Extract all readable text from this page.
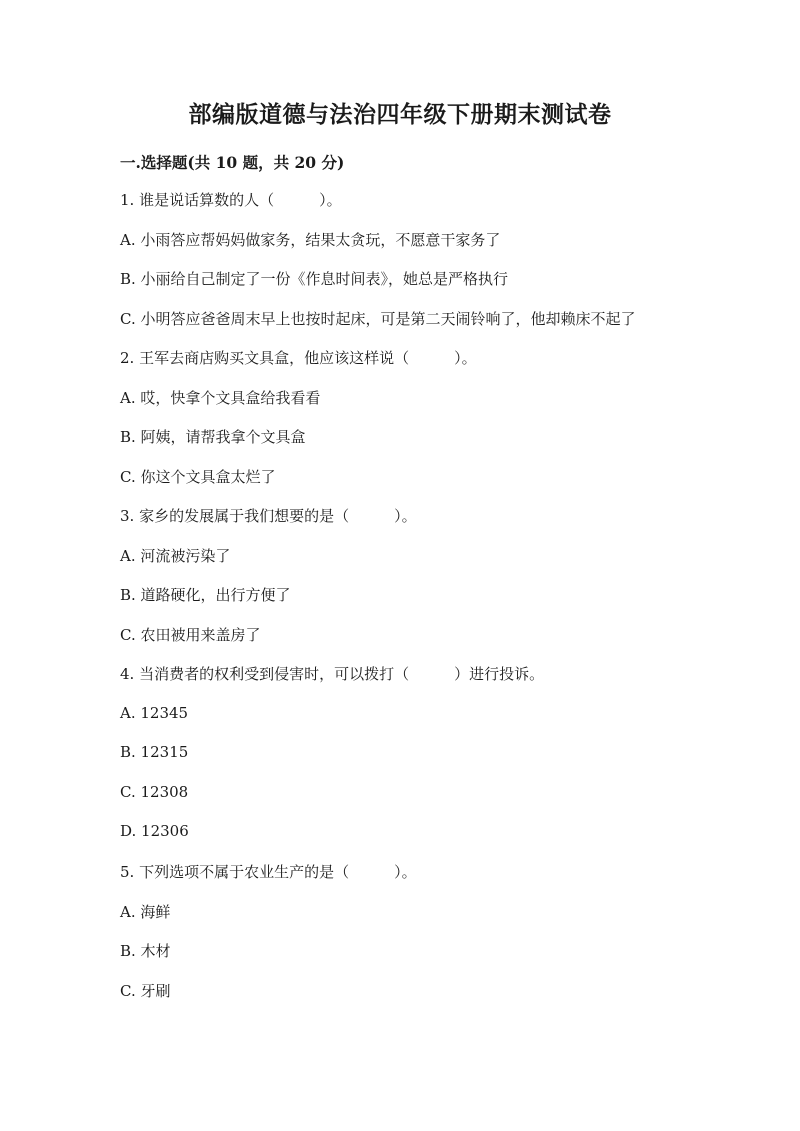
部编版道德与法治四年级下册期末测试卷
一.选择题(共 10 题，共 20 分)
1. 谁是说话算数的人（　　　）。
A. 小雨答应帮妈妈做家务，结果太贪玩，不愿意干家务了
B. 小丽给自己制定了一份《作息时间表》，她总是严格执行
C. 小明答应爸爸周末早上也按时起床，可是第二天闹铃响了，他却赖床不起了
2. 王军去商店购买文具盒，他应该这样说（　　　）。
A. 哎，快拿个文具盒给我看看
B. 阿姨，请帮我拿个文具盒
C. 你这个文具盒太烂了
3. 家乡的发展属于我们想要的是（　　　）。
A. 河流被污染了
B. 道路硬化，出行方便了
C. 农田被用来盖房了
4. 当消费者的权利受到侵害时，可以拨打（　　　）进行投诉。
A. 12345
B. 12315
C. 12308
D. 12306
5. 下列选项不属于农业生产的是（　　　）。
A. 海鲜
B. 木材
C. 牙刷
